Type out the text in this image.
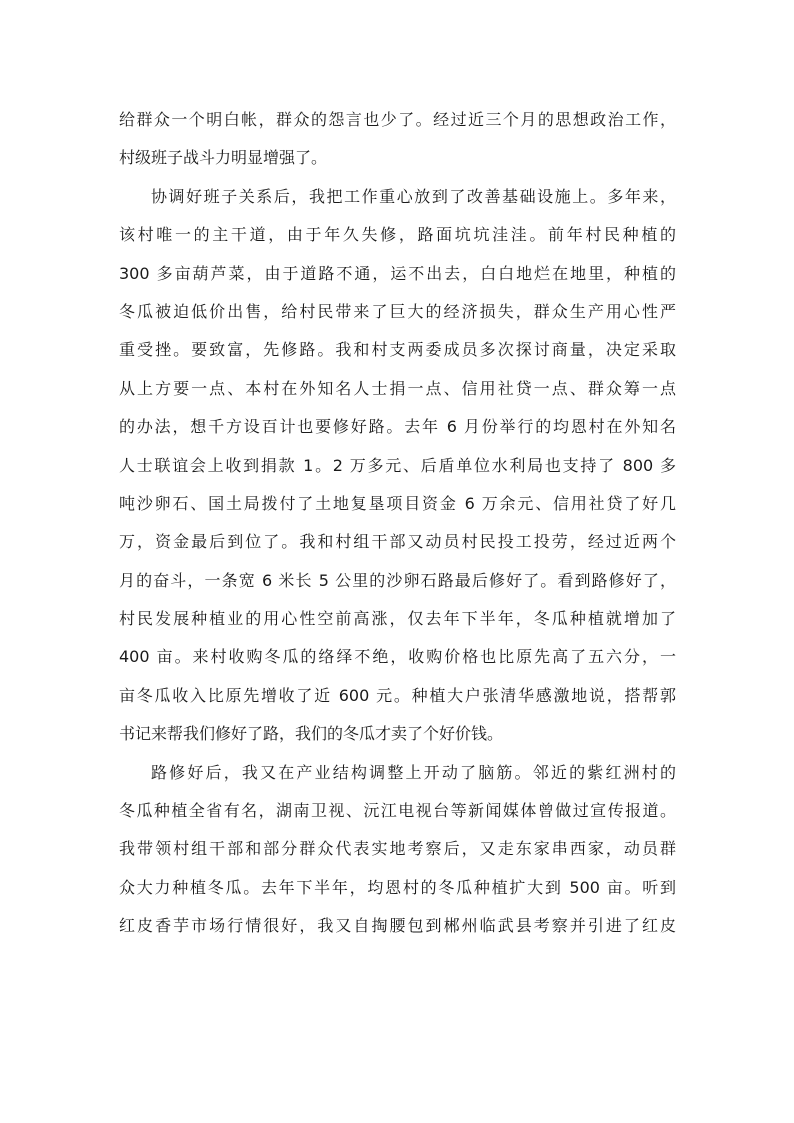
给群众一个明白帐，群众的怨言也少了。经过近三个月的思想政治工作，
村级班子战斗力明显增强了。
协调好班子关系后，我把工作重心放到了改善基础设施上。多年来，
该村唯一的主干道，由于年久失修，路面坑坑洼洼。前年村民种植的
300 多亩葫芦菜，由于道路不通，运不出去，白白地烂在地里，种植的
冬瓜被迫低价出售，给村民带来了巨大的经济损失，群众生产用心性严
重受挫。要致富，先修路。我和村支两委成员多次探讨商量，决定采取
从上方要一点、本村在外知名人士捐一点、信用社贷一点、群众筹一点
的办法，想千方设百计也要修好路。去年 6 月份举行的均恩村在外知名
人士联谊会上收到捐款 1。2 万多元、后盾单位水利局也支持了 800 多
吨沙卵石、国土局拨付了土地复垦项目资金 6 万余元、信用社贷了好几
万，资金最后到位了。我和村组干部又动员村民投工投劳，经过近两个
月的奋斗，一条宽 6 米长 5 公里的沙卵石路最后修好了。看到路修好了，
村民发展种植业的用心性空前高涨，仅去年下半年，冬瓜种植就增加了
400 亩。来村收购冬瓜的络绎不绝，收购价格也比原先高了五六分，一
亩冬瓜收入比原先增收了近 600 元。种植大户张清华感激地说，搭帮郭
书记来帮我们修好了路，我们的冬瓜才卖了个好价钱。
路修好后，我又在产业结构调整上开动了脑筋。邻近的紫红洲村的
冬瓜种植全省有名，湖南卫视、沅江电视台等新闻媒体曾做过宣传报道。
我带领村组干部和部分群众代表实地考察后，又走东家串西家，动员群
众大力种植冬瓜。去年下半年，均恩村的冬瓜种植扩大到 500 亩。听到
红皮香芋市场行情很好，我又自掏腰包到郴州临武县考察并引进了红皮
